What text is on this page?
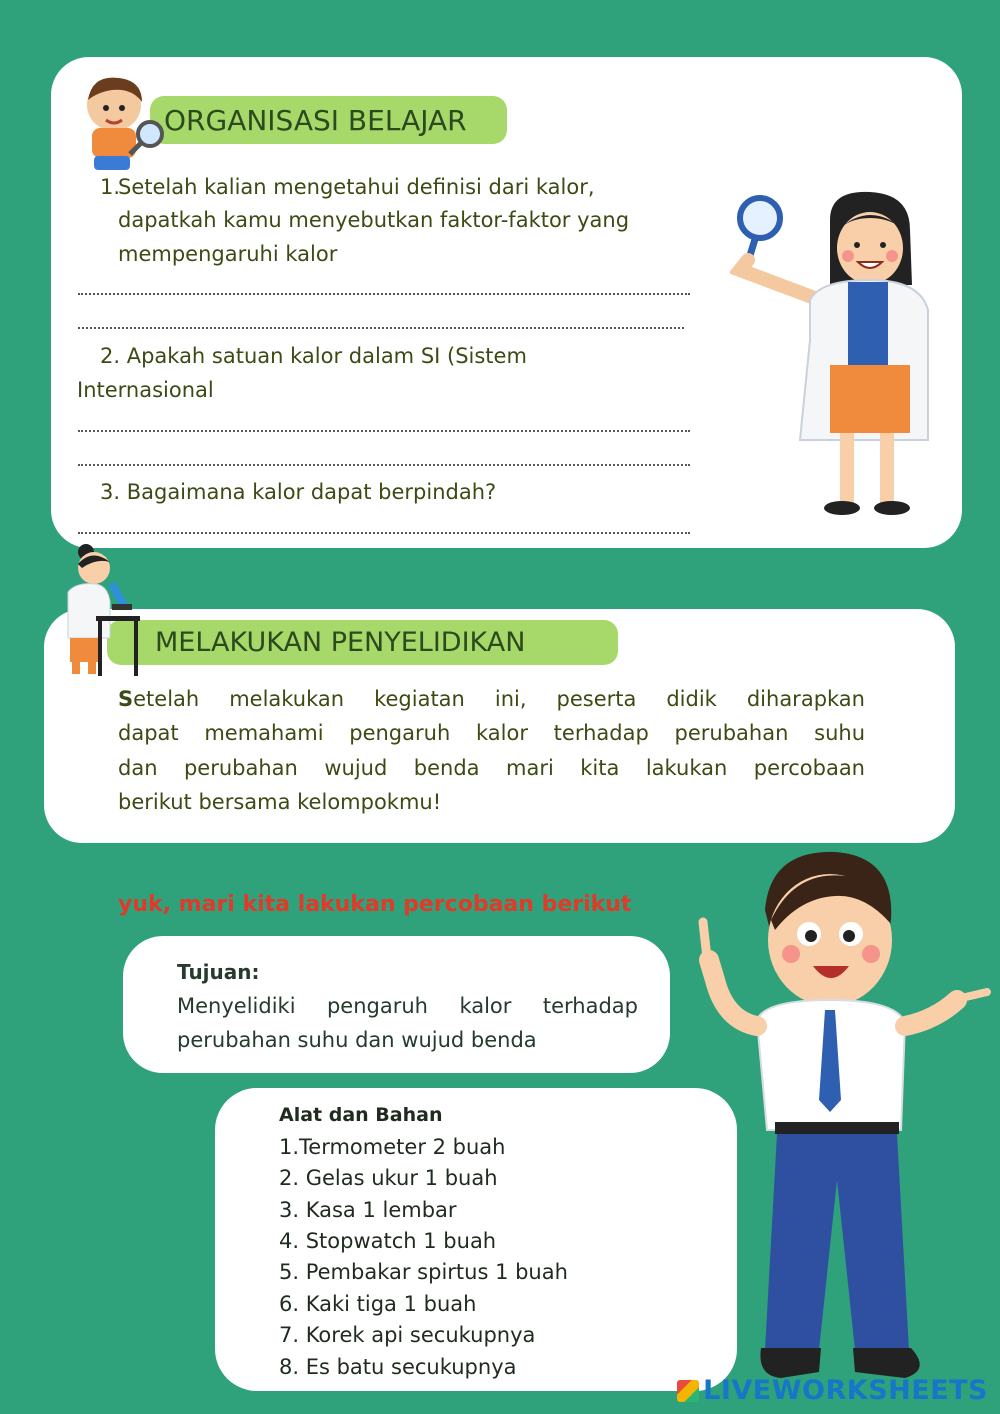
ORGANISASI BELAJAR
1.
Setelah kalian mengetahui definisi dari kalor,
dapatkah kamu menyebutkan faktor-faktor yang
mempengaruhi kalor
2. Apakah satuan kalor dalam SI (Sistem
Internasional
3. Bagaimana kalor dapat berpindah?
MELAKUKAN PENYELIDIKAN
Setelah melakukan kegiatan ini, peserta didik diharapkan
dapat memahami pengaruh kalor terhadap perubahan suhu
dan perubahan wujud benda mari kita lakukan percobaan
berikut bersama kelompokmu!
yuk, mari kita lakukan percobaan berikut
Tujuan:
Menyelidiki pengaruh kalor terhadap
perubahan suhu dan wujud benda
Alat dan Bahan
1.Termometer 2 buah
2. Gelas ukur 1 buah
3. Kasa 1 lembar
4. Stopwatch 1 buah
5. Pembakar spirtus 1 buah
6. Kaki tiga 1 buah
7. Korek api secukupnya
8. Es batu secukupnya
LIVEWORKSHEETS
